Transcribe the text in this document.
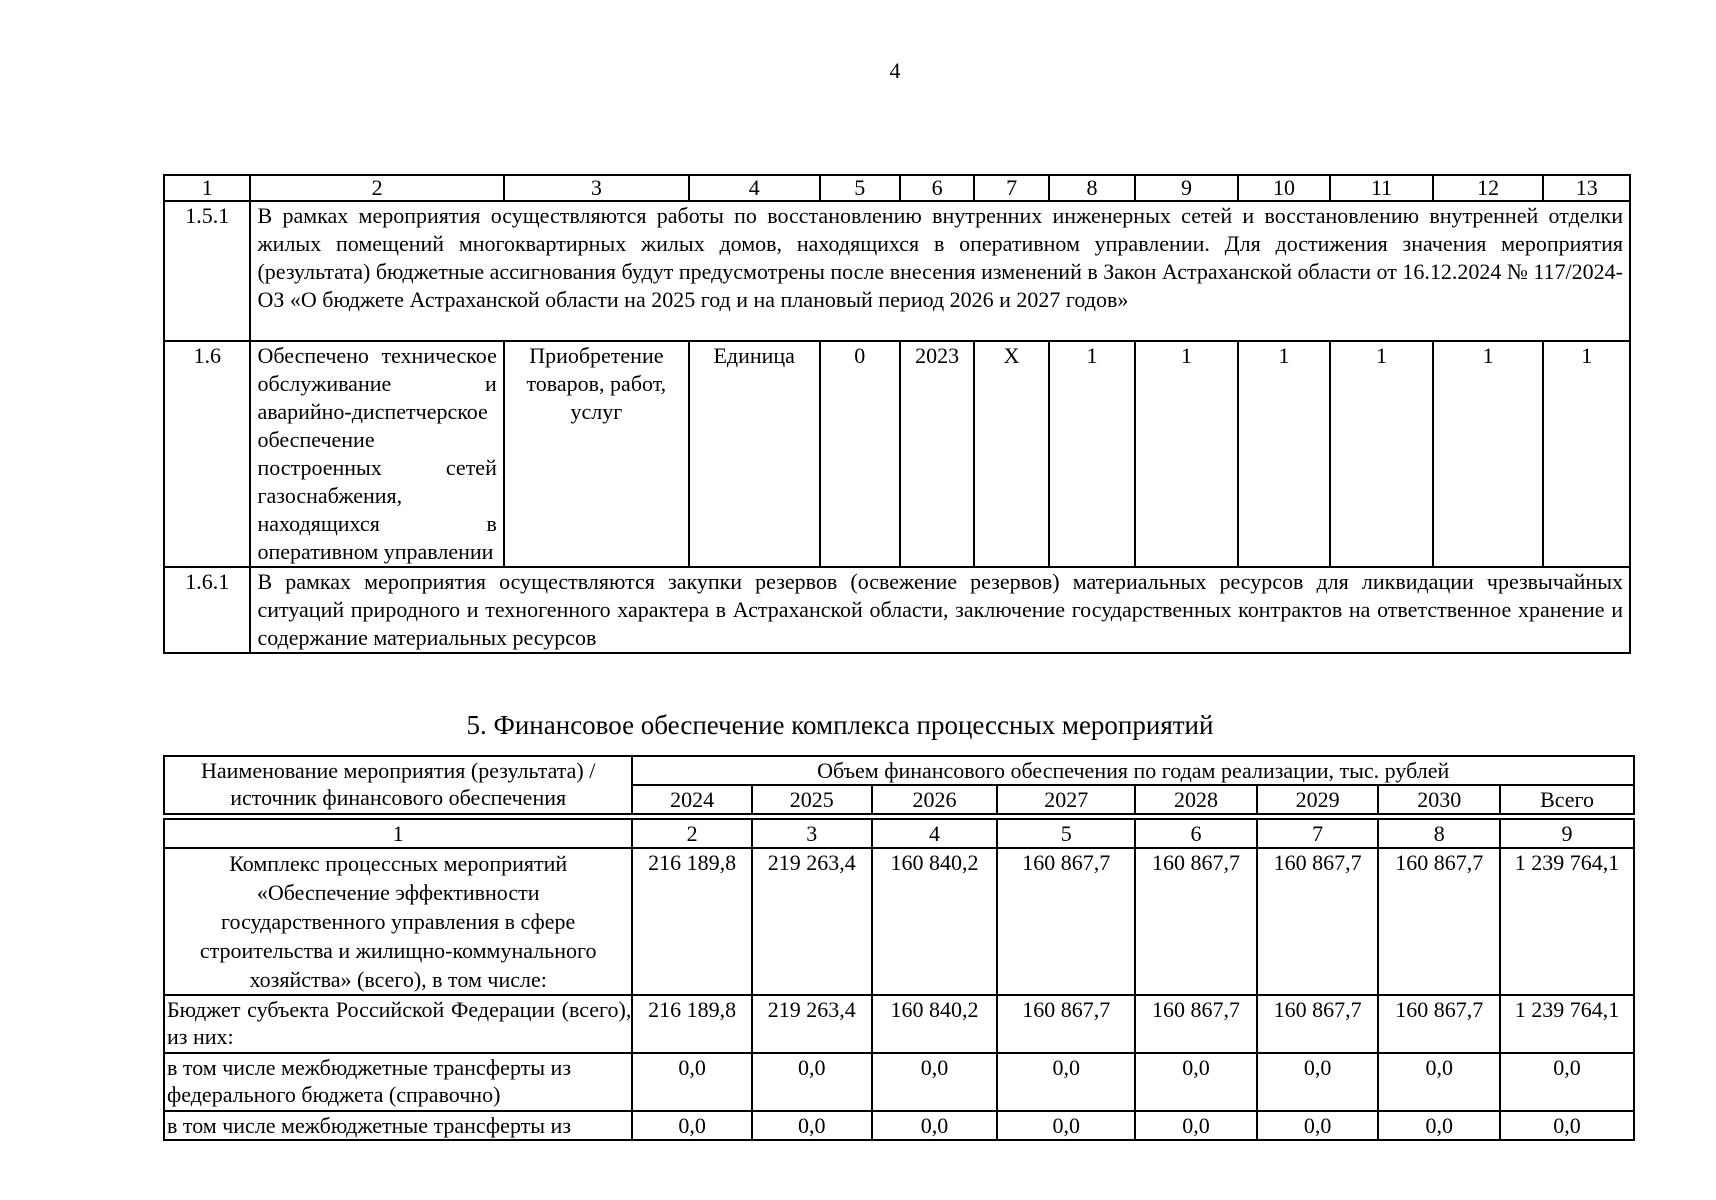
4
1	2	3	4	5	6	7	8	9	10	11	12	13
1.5.1	В рамках мероприятия осуществляются работы по восстановлению внутренних инженерных сетей и восстановлению внутренней отделки жилых помещений многоквартирных жилых домов, находящихся в оперативном управлении. Для достижения значения мероприятия (результата) бюджетные ассигнования будут предусмотрены после внесения изменений в Закон Астраханской области от 16.12.2024 № 117/2024-ОЗ «О бюджете Астраханской области на 2025 год и на плановый период 2026 и 2027 годов»											
1.6	Обеспечено техническое обслуживание и аварийно-диспетчерское обеспечение построенных сетей газоснабжения, находящихся в оперативном управлении	Приобретение товаров, работ, услуг	Единица	0	2023	Х	1	1	1	1	1	1
1.6.1	В рамках мероприятия осуществляются закупки резервов (освежение резервов) материальных ресурсов для ликвидации чрезвычайных ситуаций природного и техногенного характера в Астраханской области, заключение государственных контрактов на ответственное хранение и содержание материальных ресурсов											
5. Финансовое обеспечение комплекса процессных мероприятий
Наименование мероприятия (результата) / источник финансового обеспечения	Объем финансового обеспечения по годам реализации, тыс. рублей							
	2024	2025	2026	2027	2028	2029	2030	Всего

1	2	3	4	5	6	7	8	9
Комплекс процессных мероприятий «Обеспечение эффективности государственного управления в сфере строительства и жилищно-коммунального хозяйства» (всего), в том числе:	216 189,8	219 263,4	160 840,2	160 867,7	160 867,7	160 867,7	160 867,7	1 239 764,1
Бюджет субъекта Российской Федерации (всего), из них:	216 189,8	219 263,4	160 840,2	160 867,7	160 867,7	160 867,7	160 867,7	1 239 764,1
в том числе межбюджетные трансферты из федерального бюджета (справочно)	0,0	0,0	0,0	0,0	0,0	0,0	0,0	0,0
в том числе межбюджетные трансферты из	0,0	0,0	0,0	0,0	0,0	0,0	0,0	0,0
